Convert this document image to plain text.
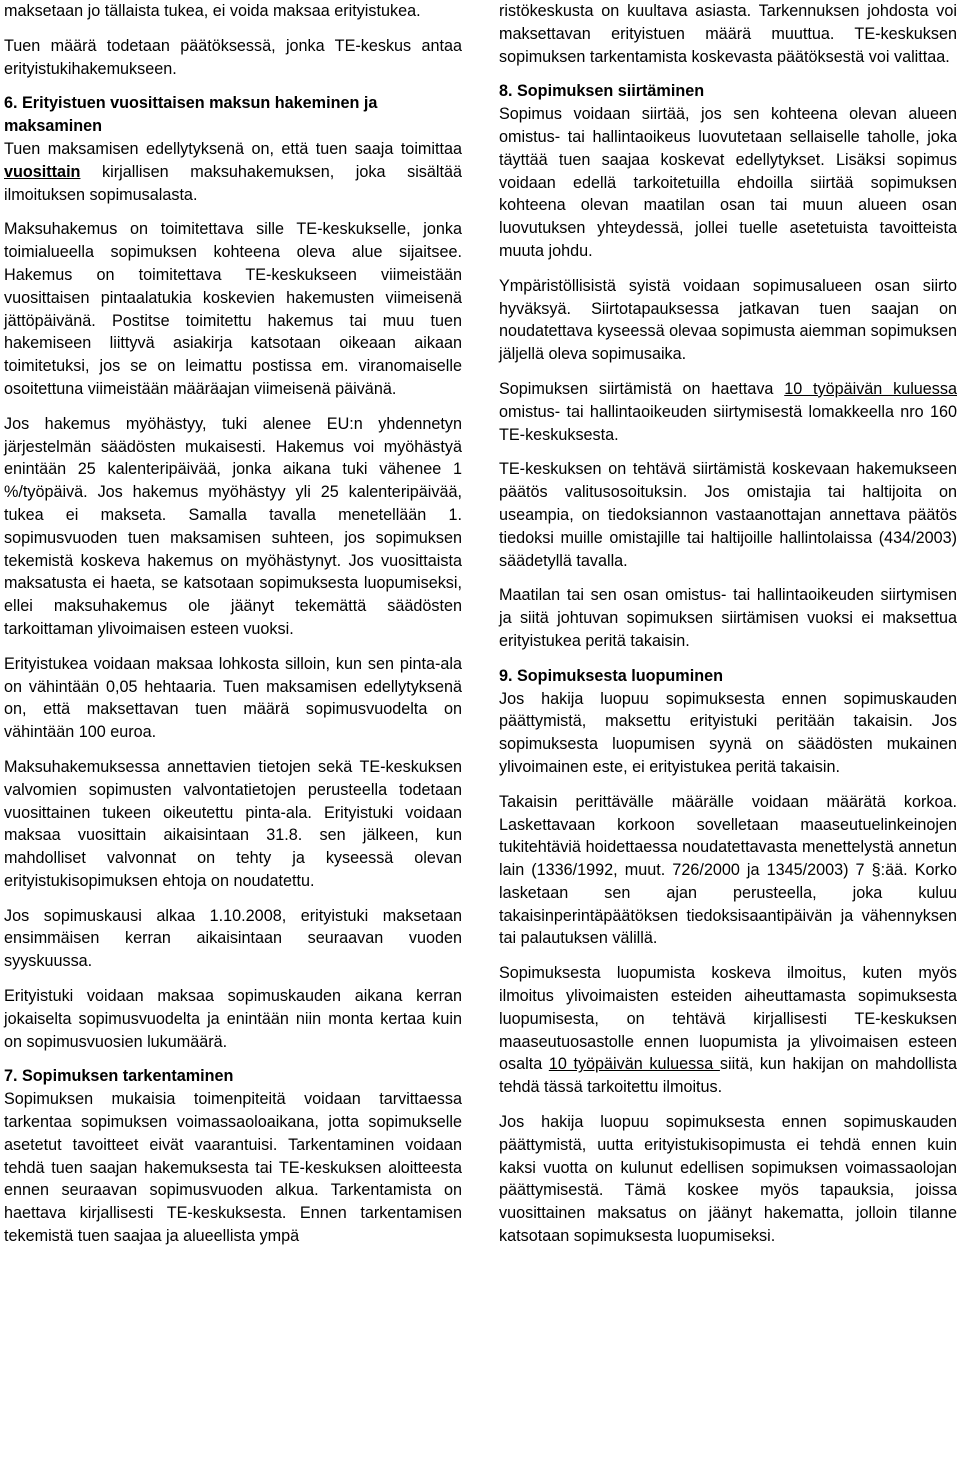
maksetaan jo tällaista tukea, ei voida maksaa erityistukea.

Tuen määrä todetaan päätöksessä, jonka TE-keskus antaa erityistukihakemukseen.

6. Erityistuen vuosittaisen maksun hakeminen ja maksaminen

Tuen maksamisen edellytyksenä on, että tuen saaja toimittaa vuosittain kirjallisen maksuhakemuksen, joka sisältää ilmoituksen sopimusalasta.

Maksuhakemus on toimitettava sille TE-keskukselle, jonka toimialueella sopimuksen kohteena oleva alue sijaitsee. Hakemus on toimitettava TE-keskukseen viimeistään vuosittaisen pintaalatukia koskevien hakemusten viimeisenä jättöpäivänä. Postitse toimitettu hakemus tai muu tuen hakemiseen liittyvä asiakirja katsotaan oikeaan aikaan toimitetuksi, jos se on leimattu postissa em. viranomaiselle osoitettuna viimeistään määräajan viimeisenä päivänä.

Jos hakemus myöhästyy, tuki alenee EU:n yhdennetyn järjestelmän säädösten mukaisesti. Hakemus voi myöhästyä enintään 25 kalenteripäivää, jonka aikana tuki vähenee 1 %/työpäivä. Jos hakemus myöhästyy yli 25 kalenteripäivää, tukea ei makseta. Samalla tavalla menetellään 1. sopimusvuoden tuen maksamisen suhteen, jos sopimuksen tekemistä koskeva hakemus on myöhästynyt. Jos vuosittaista maksatusta ei haeta, se katsotaan sopimuksesta luopumiseksi, ellei maksuhakemus ole jäänyt tekemättä säädösten tarkoittaman ylivoimaisen esteen vuoksi.

Erityistukea voidaan maksaa lohkosta silloin, kun sen pinta-ala on vähintään 0,05 hehtaaria. Tuen maksamisen edellytyksenä on, että maksettavan tuen määrä sopimusvuodelta on vähintään 100 euroa.

Maksuhakemuksessa annettavien tietojen sekä TE-keskuksen valvomien sopimusten valvontatietojen perusteella todetaan vuosittainen tukeen oikeutettu pinta-ala. Erityistuki voidaan maksaa vuosittain aikaisintaan 31.8. sen jälkeen, kun mahdolliset valvonnat on tehty ja kyseessä olevan erityistukisopimuksen ehtoja on noudatettu.

Jos sopimuskausi alkaa 1.10.2008, erityistuki maksetaan ensimmäisen kerran aikaisintaan seuraavan vuoden syyskuussa.

Erityistuki voidaan maksaa sopimuskauden aikana kerran jokaiselta sopimusvuodelta ja enintään niin monta kertaa kuin on sopimusvuosien lukumäärä.

7. Sopimuksen tarkentaminen

Sopimuksen mukaisia toimenpiteitä voidaan tarvittaessa tarkentaa sopimuksen voimassaoloaikana, jotta sopimukselle asetetut tavoitteet eivät vaarantuisi. Tarkentaminen voidaan tehdä tuen saajan hakemuksesta tai TE-keskuksen aloitteesta ennen seuraavan sopimusvuoden alkua. Tarkentamista on haettava kirjallisesti TE-keskuksesta. Ennen tarkentamisen tekemistä tuen saajaa ja alueellista ympä

ristökeskusta on kuultava asiasta. Tarkennuksen johdosta voi maksettavan erityistuen määrä muuttua. TE-keskuksen sopimuksen tarkentamista koskevasta päätöksestä voi valittaa.

8. Sopimuksen siirtäminen

Sopimus voidaan siirtää, jos sen kohteena olevan alueen omistus- tai hallintaoikeus luovutetaan sellaiselle taholle, joka täyttää tuen saajaa koskevat edellytykset. Lisäksi sopimus voidaan edellä tarkoitetuilla ehdoilla siirtää sopimuksen kohteena olevan maatilan osan tai muun alueen osan luovutuksen yhteydessä, jollei tuelle asetetuista tavoitteista muuta johdu.

Ympäristöllisistä syistä voidaan sopimusalueen osan siirto hyväksyä. Siirtotapauksessa jatkavan tuen saajan on noudatettava kyseessä olevaa sopimusta aiemman sopimuksen jäljellä oleva sopimusaika.

Sopimuksen siirtämistä on haettava 10 työpäivän kuluessa omistus- tai hallintaoikeuden siirtymisestä lomakkeella nro 160 TE-keskuksesta.

TE-keskuksen on tehtävä siirtämistä koskevaan hakemukseen päätös valitusosoituksin. Jos omistajia tai haltijoita on useampia, on tiedoksiannon vastaanottajan annettava päätös tiedoksi muille omistajille tai haltijoille hallintolaissa (434/2003) säädetyllä tavalla.

Maatilan tai sen osan omistus- tai hallintaoikeuden siirtymisen ja siitä johtuvan sopimuksen siirtämisen vuoksi ei maksettua erityistukea peritä takaisin.

9. Sopimuksesta luopuminen

Jos hakija luopuu sopimuksesta ennen sopimuskauden päättymistä, maksettu erityistuki peritään takaisin. Jos sopimuksesta luopumisen syynä on säädösten mukainen ylivoimainen este, ei erityistukea peritä takaisin.

Takaisin perittävälle määrälle voidaan määrätä korkoa. Laskettavaan korkoon sovelletaan maaseutuelinkeinojen tukitehtäviä hoidettaessa noudatettavasta menettelystä annetun lain (1336/1992, muut. 726/2000 ja 1345/2003) 7 §:ää. Korko lasketaan sen ajan perusteella, joka kuluu takaisinperintäpäätöksen tiedoksisaantipäivän ja vähennyksen tai palautuksen välillä.

Sopimuksesta luopumista koskeva ilmoitus, kuten myös ilmoitus ylivoimaisten esteiden aiheuttamasta sopimuksesta luopumisesta, on tehtävä kirjallisesti TE-keskuksen maaseutuosastolle ennen luopumista ja ylivoimaisen esteen osalta 10 työpäivän kuluessa siitä, kun hakijan on mahdollista tehdä tässä tarkoitettu ilmoitus.

Jos hakija luopuu sopimuksesta ennen sopimuskauden päättymistä, uutta erityistukisopimusta ei tehdä ennen kuin kaksi vuotta on kulunut edellisen sopimuksen voimassaolojan päättymisestä. Tämä koskee myös tapauksia, joissa vuosittainen maksatus on jäänyt hakematta, jolloin tilanne katsotaan sopimuksesta luopumiseksi.
